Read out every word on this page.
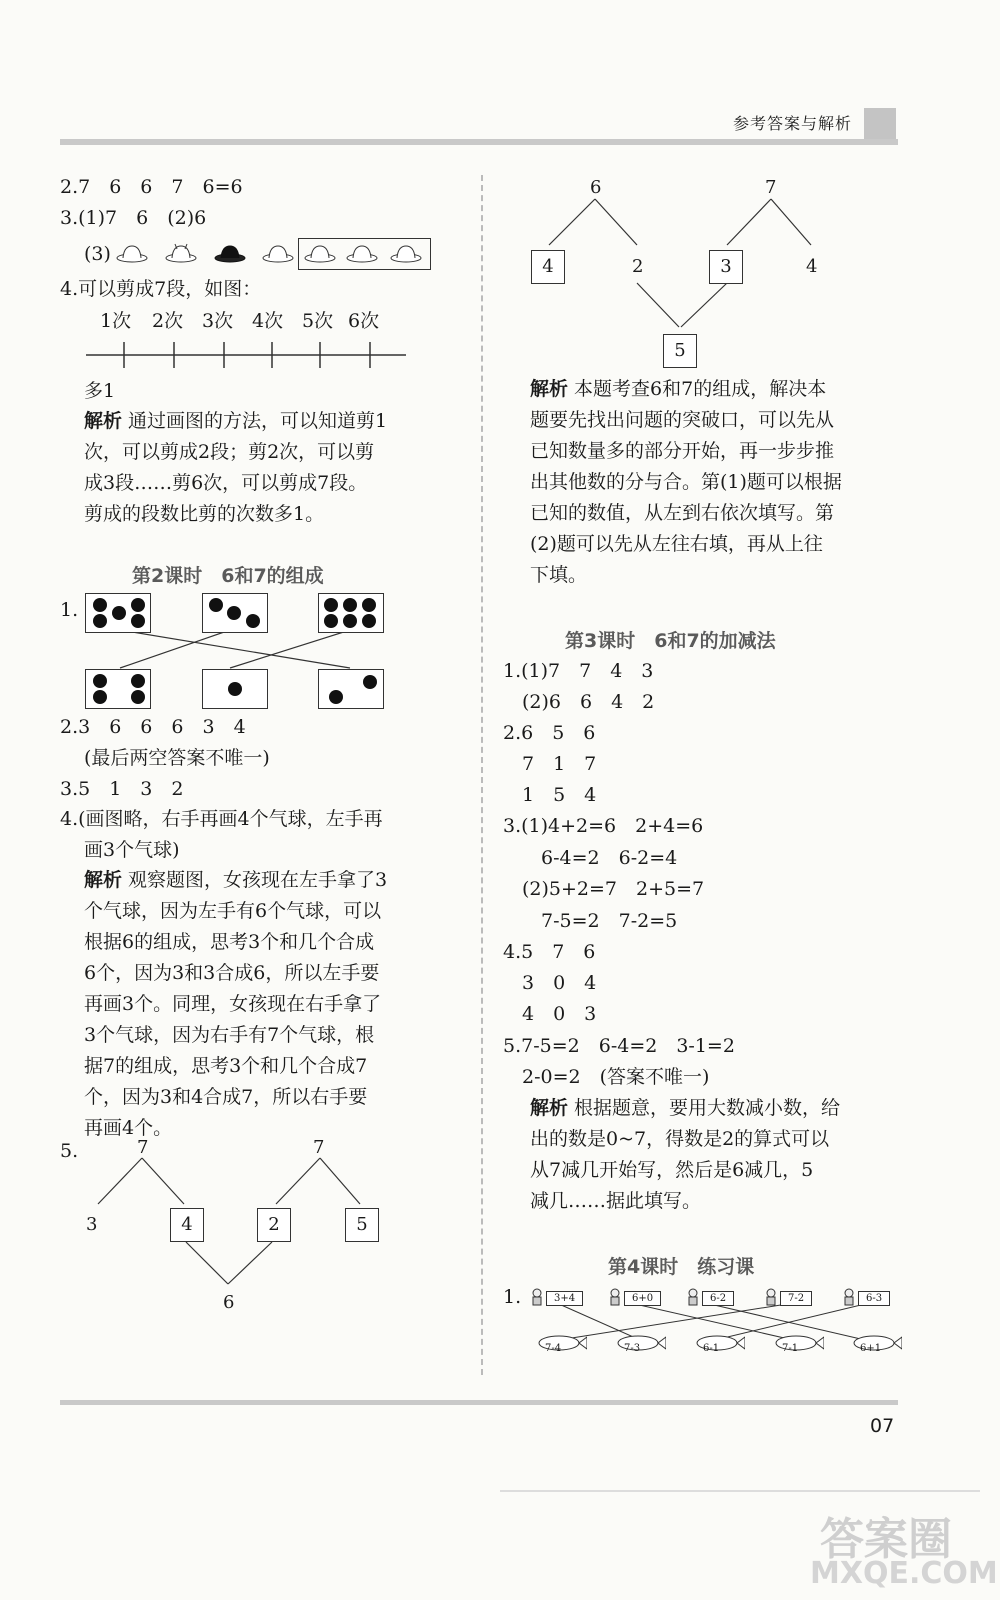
参考答案与解析
2.7　6　6　7　6=6
3.(1)7　6　(2)6
(3)
4.可以剪成7段，如图：
1次 2次 3次 4次 5次 6次
多1
解析 通过画图的方法，可以知道剪1
次，可以剪成2段；剪2次，可以剪
成3段……剪6次，可以剪成7段。
剪成的段数比剪的次数多1。
第2课时　6和7的组成
1.
2.3　6　6　6　3　4
(最后两空答案不唯一)
3.5　1　3　2
4.(画图略，右手再画4个气球，左手再
画3个气球)
解析 观察题图，女孩现在左手拿了3
个气球，因为左手有6个气球，可以
根据6的组成，思考3个和几个合成
6个，因为3和3合成6，所以左手要
再画3个。同理，女孩现在右手拿了
3个气球，因为右手有7个气球，根
据7的组成，思考3个和几个合成7
个，因为3和4合成7，所以右手要
再画4个。
5.	7	7
3	4	2	5
6
6	7
4	2	3	4
5
解析 本题考查6和7的组成，解决本
题要先找出问题的突破口，可以先从
已知数量多的部分开始，再一步步推
出其他数的分与合。第(1)题可以根据
已知的数值，从左到右依次填写。第
(2)题可以先从左往右填，再从上往
下填。
第3课时　6和7的加减法
1.(1)7　7　4　3
　(2)6　6　4　2
2.6　5　6
　7　1　7
　1　5　4
3.(1)4+2=6　2+4=6
　　6-4=2　6-2=4
　(2)5+2=7　2+5=7
　　7-5=2　7-2=5
4.5　7　6
　3　0　4
　4　0　3
5.7-5=2　6-4=2　3-1=2
　2-0=2　(答案不唯一)
解析 根据题意，要用大数减小数，给
出的数是0~7，得数是2的算式可以
从7减几开始写，然后是6减几，5
减几……据此填写。
第4课时　练习课
1.	3+4	6+0	6-2	7-2	6-3
7-4	7-3	6-1	7-1	6+1
07
答案圈
MXQE.COM
